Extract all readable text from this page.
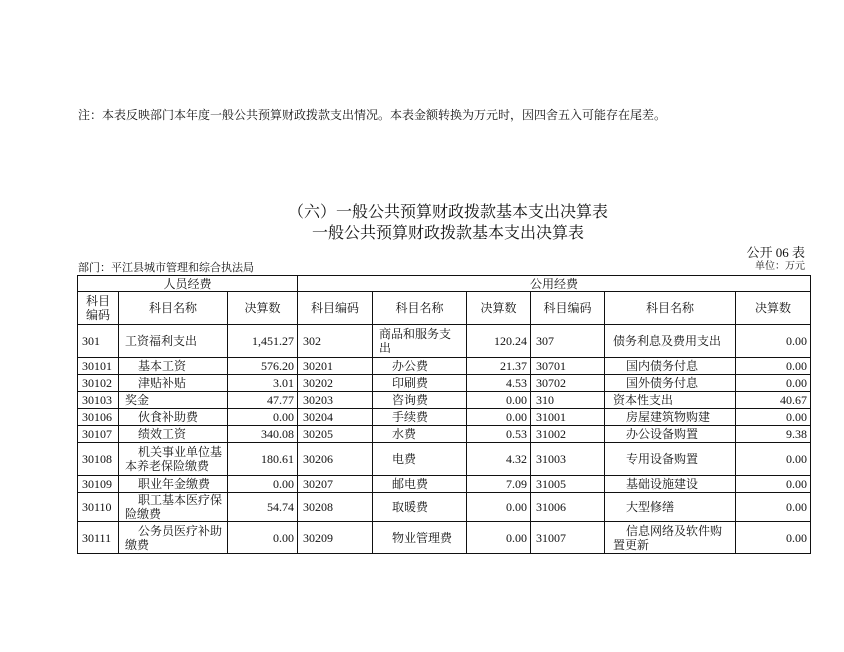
注：本表反映部门本年度一般公共预算财政拨款支出情况。本表金额转换为万元时，因四舍五入可能存在尾差。
（六）一般公共预算财政拨款基本支出决算表
一般公共预算财政拨款基本支出决算表
公开 06 表
部门：平江县城市管理和综合执法局	单位：万元
人员经费			公用经费					
科目编码	科目名称	决算数	科目编码	科目名称	决算数	科目编码	科目名称	决算数
301	工资福利支出	1,451.27	302	商品和服务支出	120.24	307	债务利息及费用支出	0.00
30101	基本工资	576.20	30201	办公费	21.37	30701	国内债务付息	0.00
30102	津贴补贴	3.01	30202	印刷费	4.53	30702	国外债务付息	0.00
30103	奖金	47.77	30203	咨询费	0.00	310	资本性支出	40.67
30106	伙食补助费	0.00	30204	手续费	0.00	31001	房屋建筑物购建	0.00
30107	绩效工资	340.08	30205	水费	0.53	31002	办公设备购置	9.38
30108	机关事业单位基本养老保险缴费	180.61	30206	电费	4.32	31003	专用设备购置	0.00
30109	职业年金缴费	0.00	30207	邮电费	7.09	31005	基础设施建设	0.00
30110	职工基本医疗保险缴费	54.74	30208	取暖费	0.00	31006	大型修缮	0.00
30111	公务员医疗补助缴费	0.00	30209	物业管理费	0.00	31007	信息网络及软件购置更新	0.00
